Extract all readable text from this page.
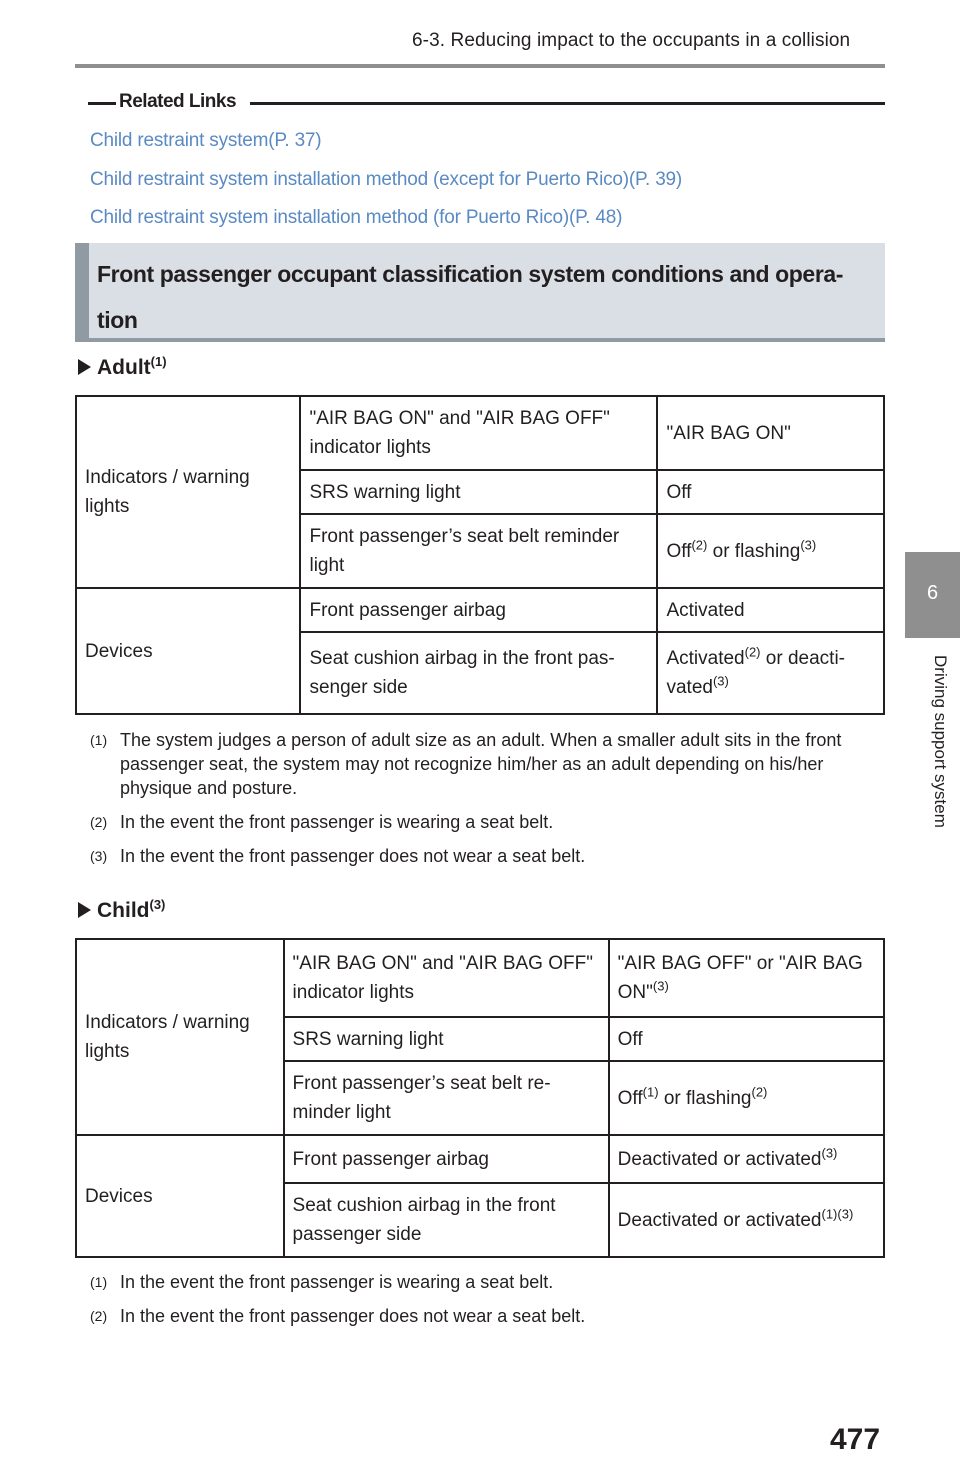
6-3. Reducing impact to the occupants in a collision
Related Links
Child restraint system(P. 37)
Child restraint system installation method (except for Puerto Rico)(P. 39)
Child restraint system installation method (for Puerto Rico)(P. 48)
Front passenger occupant classification system conditions and opera-tion
Adult$^{(1)}$
Indicators / warning lights	"AIR BAG ON" and "AIR BAG OFF" indicator lights	"AIR BAG ON"
	SRS warning light	Off
	Front passenger’s seat belt reminder light	Off$^{(2)}$ or flashing$^{(3)}$
Devices	Front passenger airbag	Activated
	Seat cushion airbag in the front pas-senger side	Activated$^{(2)}$ or deacti-vated$^{(3)}$
(1) The system judges a person of adult size as an adult. When a smaller adult sits in the front passenger seat, the system may not recognize him/her as an adult depending on his/her physique and posture.
(2) In the event the front passenger is wearing a seat belt.
(3) In the event the front passenger does not wear a seat belt.
Child$^{(3)}$
Indicators / warning lights	"AIR BAG ON" and "AIR BAG OFF" indicator lights	"AIR BAG OFF" or "AIR BAG ON"$^{(3)}$
	SRS warning light	Off
	Front passenger’s seat belt re-minder light	Off$^{(1)}$ or flashing$^{(2)}$
Devices	Front passenger airbag	Deactivated or activated$^{(3)}$
	Seat cushion airbag in the front passenger side	Deactivated or activated$^{(1)(3)}$
(1) In the event the front passenger is wearing a seat belt.
(2) In the event the front passenger does not wear a seat belt.
6
Driving support system
477
